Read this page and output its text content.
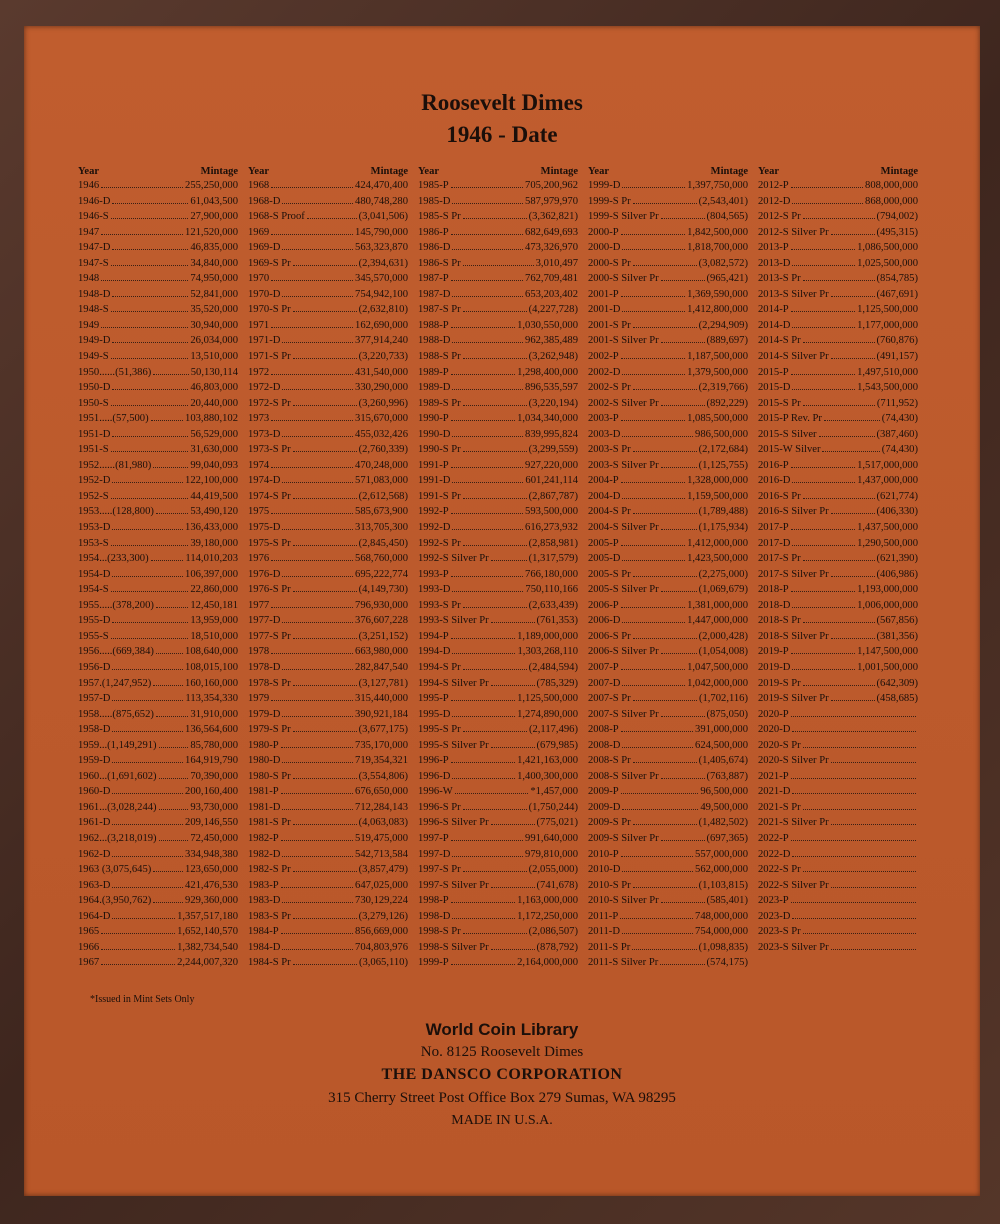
Roosevelt Dimes
1946 - Date
Year	Mintage
1946	255,250,000
1946-D	61,043,500
1946-S	27,900,000
1947	121,520,000
1947-D	46,835,000
1947-S	34,840,000
1948	74,950,000
1948-D	52,841,000
1948-S	35,520,000
1949	30,940,000
1949-D	26,034,000
1949-S	13,510,000
1950......(51,386)	50,130,114
1950-D	46,803,000
1950-S	20,440,000
1951.....(57,500)	103,880,102
1951-D	56,529,000
1951-S	31,630,000
1952......(81,980)	99,040,093
1952-D	122,100,000
1952-S	44,419,500
1953.....(128,800)	53,490,120
1953-D	136,433,000
1953-S	39,180,000
1954...(233,300)	114,010,203
1954-D	106,397,000
1954-S	22,860,000
1955.....(378,200)	12,450,181
1955-D	13,959,000
1955-S	18,510,000
1956.....(669,384)	108,640,000
1956-D	108,015,100
1957.(1,247,952)	160,160,000
1957-D	113,354,330
1958.....(875,652)	31,910,000
1958-D	136,564,600
1959...(1,149,291)	85,780,000
1959-D	164,919,790
1960...(1,691,602)	70,390,000
1960-D	200,160,400
1961...(3,028,244)	93,730,000
1961-D	209,146,550
1962...(3,218,019)	72,450,000
1962-D	334,948,380
1963 (3,075,645)	123,650,000
1963-D	421,476,530
1964.(3,950,762)	929,360,000
1964-D	1,357,517,180
1965	1,652,140,570
1966	1,382,734,540
1967	2,244,007,320
Year	Mintage
1968	424,470,400
1968-D	480,748,280
1968-S Proof	(3,041,506)
1969	145,790,000
1969-D	563,323,870
1969-S Pr	(2,394,631)
1970	345,570,000
1970-D	754,942,100
1970-S Pr	(2,632,810)
1971	162,690,000
1971-D	377,914,240
1971-S Pr	(3,220,733)
1972	431,540,000
1972-D	330,290,000
1972-S Pr	(3,260,996)
1973	315,670,000
1973-D	455,032,426
1973-S Pr	(2,760,339)
1974	470,248,000
1974-D	571,083,000
1974-S Pr	(2,612,568)
1975	585,673,900
1975-D	313,705,300
1975-S Pr	(2,845,450)
1976	568,760,000
1976-D	695,222,774
1976-S Pr	(4,149,730)
1977	796,930,000
1977-D	376,607,228
1977-S Pr	(3,251,152)
1978	663,980,000
1978-D	282,847,540
1978-S Pr	(3,127,781)
1979	315,440,000
1979-D	390,921,184
1979-S Pr	(3,677,175)
1980-P	735,170,000
1980-D	719,354,321
1980-S Pr	(3,554,806)
1981-P	676,650,000
1981-D	712,284,143
1981-S Pr	(4,063,083)
1982-P	519,475,000
1982-D	542,713,584
1982-S Pr	(3,857,479)
1983-P	647,025,000
1983-D	730,129,224
1983-S Pr	(3,279,126)
1984-P	856,669,000
1984-D	704,803,976
1984-S Pr	(3,065,110)
Year	Mintage
1985-P	705,200,962
1985-D	587,979,970
1985-S Pr	(3,362,821)
1986-P	682,649,693
1986-D	473,326,970
1986-S Pr	3,010,497
1987-P	762,709,481
1987-D	653,203,402
1987-S Pr	(4,227,728)
1988-P	1,030,550,000
1988-D	962,385,489
1988-S Pr	(3,262,948)
1989-P	1,298,400,000
1989-D	896,535,597
1989-S Pr	(3,220,194)
1990-P	1,034,340,000
1990-D	839,995,824
1990-S Pr	(3,299,559)
1991-P	927,220,000
1991-D	601,241,114
1991-S Pr	(2,867,787)
1992-P	593,500,000
1992-D	616,273,932
1992-S Pr	(2,858,981)
1992-S Silver Pr	(1,317,579)
1993-P	766,180,000
1993-D	750,110,166
1993-S Pr	(2,633,439)
1993-S Silver Pr	(761,353)
1994-P	1,189,000,000
1994-D	1,303,268,110
1994-S Pr	(2,484,594)
1994-S Silver Pr	(785,329)
1995-P	1,125,500,000
1995-D	1,274,890,000
1995-S Pr	(2,117,496)
1995-S Silver Pr	(679,985)
1996-P	1,421,163,000
1996-D	1,400,300,000
1996-W	*1,457,000
1996-S Pr	(1,750,244)
1996-S Silver Pr	(775,021)
1997-P	991,640,000
1997-D	979,810,000
1997-S Pr	(2,055,000)
1997-S Silver Pr	(741,678)
1998-P	1,163,000,000
1998-D	1,172,250,000
1998-S Pr	(2,086,507)
1998-S Silver Pr	(878,792)
1999-P	2,164,000,000
Year	Mintage
1999-D	1,397,750,000
1999-S Pr	(2,543,401)
1999-S Silver Pr	(804,565)
2000-P	1,842,500,000
2000-D	1,818,700,000
2000-S Pr	(3,082,572)
2000-S Silver Pr	(965,421)
2001-P	1,369,590,000
2001-D	1,412,800,000
2001-S Pr	(2,294,909)
2001-S Silver Pr	(889,697)
2002-P	1,187,500,000
2002-D	1,379,500,000
2002-S Pr	(2,319,766)
2002-S Silver Pr	(892,229)
2003-P	1,085,500,000
2003-D	986,500,000
2003-S Pr	(2,172,684)
2003-S Silver Pr	(1,125,755)
2004-P	1,328,000,000
2004-D	1,159,500,000
2004-S Pr	(1,789,488)
2004-S Silver Pr	(1,175,934)
2005-P	1,412,000,000
2005-D	1,423,500,000
2005-S Pr	(2,275,000)
2005-S Silver Pr	(1,069,679)
2006-P	1,381,000,000
2006-D	1,447,000,000
2006-S Pr	(2,000,428)
2006-S Silver Pr	(1,054,008)
2007-P	1,047,500,000
2007-D	1,042,000,000
2007-S Pr	(1,702,116)
2007-S Silver Pr	(875,050)
2008-P	391,000,000
2008-D	624,500,000
2008-S Pr	(1,405,674)
2008-S Silver Pr	(763,887)
2009-P	96,500,000
2009-D	49,500,000
2009-S Pr	(1,482,502)
2009-S Silver Pr	(697,365)
2010-P	557,000,000
2010-D	562,000,000
2010-S Pr	(1,103,815)
2010-S Silver Pr	(585,401)
2011-P	748,000,000
2011-D	754,000,000
2011-S Pr	(1,098,835)
2011-S Silver Pr	(574,175)
Year	Mintage
2012-P	808,000,000
2012-D	868,000,000
2012-S Pr	(794,002)
2012-S Silver Pr	(495,315)
2013-P	1,086,500,000
2013-D	1,025,500,000
2013-S Pr	(854,785)
2013-S Silver Pr	(467,691)
2014-P	1,125,500,000
2014-D	1,177,000,000
2014-S Pr	(760,876)
2014-S Silver Pr	(491,157)
2015-P	1,497,510,000
2015-D	1,543,500,000
2015-S Pr	(711,952)
2015-P Rev. Pr	(74,430)
2015-S Silver	(387,460)
2015-W Silver	(74,430)
2016-P	1,517,000,000
2016-D	1,437,000,000
2016-S Pr	(621,774)
2016-S Silver Pr	(406,330)
2017-P	1,437,500,000
2017-D	1,290,500,000
2017-S Pr	(621,390)
2017-S Silver Pr	(406,986)
2018-P	1,193,000,000
2018-D	1,006,000,000
2018-S Pr	(567,856)
2018-S Silver Pr	(381,356)
2019-P	1,147,500,000
2019-D	1,001,500,000
2019-S Pr	(642,309)
2019-S Silver Pr	(458,685)
2020-P
2020-D
2020-S Pr
2020-S Silver Pr
2021-P
2021-D
2021-S Pr
2021-S Silver Pr
2022-P
2022-D
2022-S Pr
2022-S Silver Pr
2023-P
2023-D
2023-S Pr
2023-S Silver Pr
*Issued in Mint Sets Only
World Coin Library
No. 8125 Roosevelt Dimes
THE DANSCO CORPORATION
315 Cherry Street Post Office Box 279 Sumas, WA 98295
MADE IN U.S.A.
